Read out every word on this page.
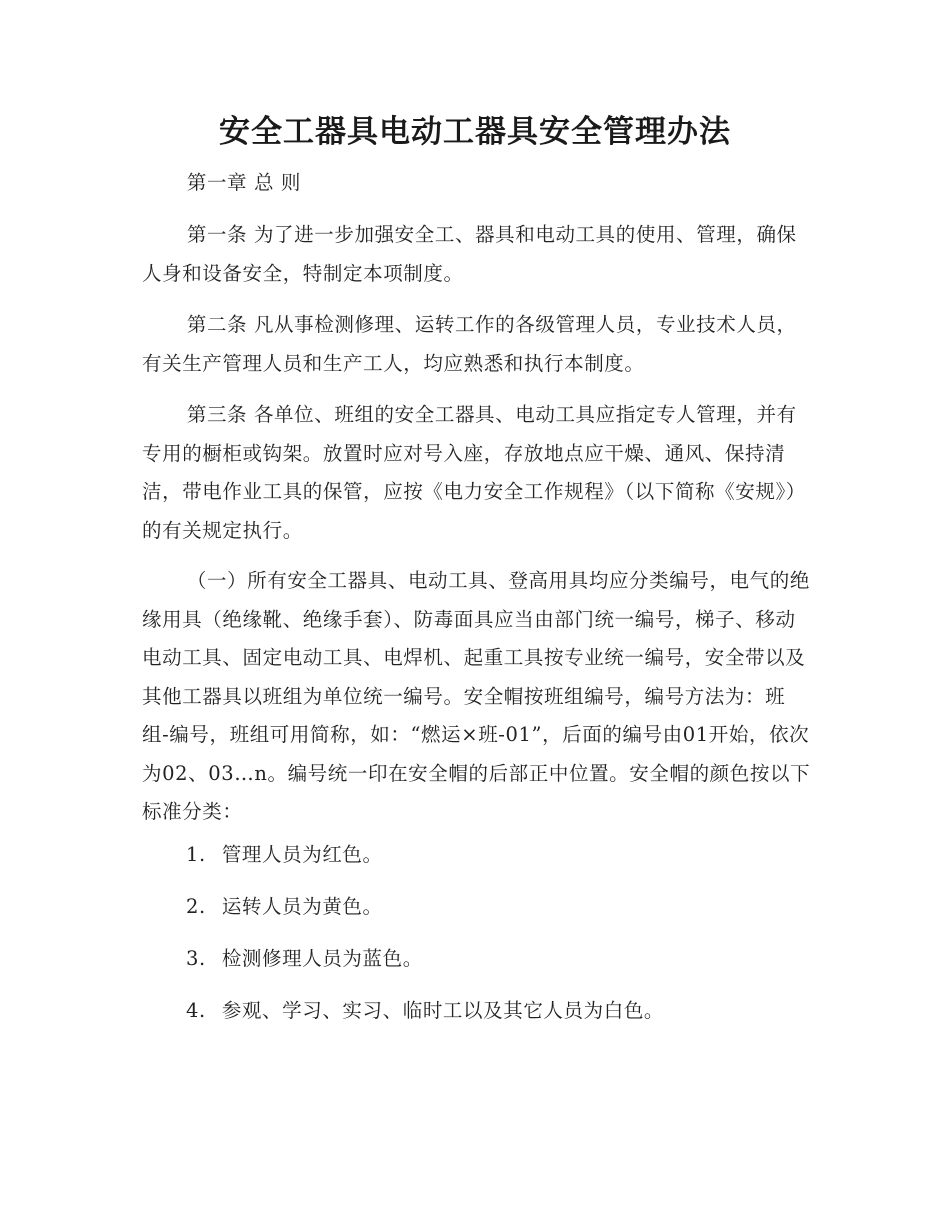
安全工器具电动工器具安全管理办法
第一章 总 则
第一条 为了进一步加强安全工、器具和电动工具的使用、管理，确保人身和设备安全，特制定本项制度。
第二条 凡从事检测修理、运转工作的各级管理人员，专业技术人员，有关生产管理人员和生产工人，均应熟悉和执行本制度。
第三条 各单位、班组的安全工器具、电动工具应指定专人管理，并有专用的橱柜或钩架。放置时应对号入座，存放地点应干燥、通风、保持清洁，带电作业工具的保管，应按《电力安全工作规程》（以下简称《安规》）的有关规定执行。
（一）所有安全工器具、电动工具、登高用具均应分类编号，电气的绝缘用具（绝缘靴、绝缘手套）、防毒面具应当由部门统一编号，梯子、移动电动工具、固定电动工具、电焊机、起重工具按专业统一编号，安全带以及其他工器具以班组为单位统一编号。安全帽按班组编号，编号方法为：班组-编号，班组可用简称，如：“燃运×班-01”，后面的编号由01开始，依次为02、03…n。编号统一印在安全帽的后部正中位置。安全帽的颜色按以下标准分类：
1. 管理人员为红色。
2. 运转人员为黄色。
3. 检测修理人员为蓝色。
4. 参观、学习、实习、临时工以及其它人员为白色。
